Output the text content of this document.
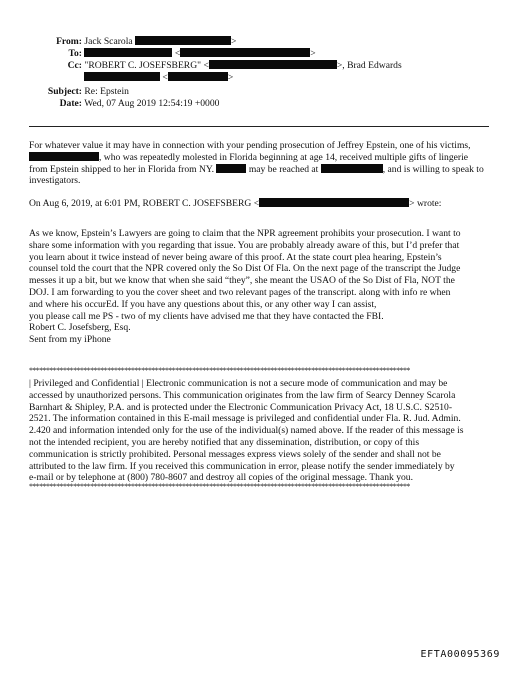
From: Jack Scarola	>
To:	<	>
Cc: "ROBERT C. JOSEFSBERG" <	>, Brad Edwards
<	>
Subject: Re: Epstein
Date: Wed, 07 Aug 2019 12:54:19 +0000

For whatever value it may have in connection with your pending prosecution of Jeffrey Epstein, one of his victims, , who was repeatedly molested in Florida beginning at age 14, received multiple gifts of lingerie from Epstein shipped to her in Florida from NY.	may be reached at	, and is willing to speak to investigators.

On Aug 6, 2019, at 6:01 PM, ROBERT C. JOSEFSBERG <	> wrote:

As we know, Epstein’s Lawyers are going to claim that the NPR agreement prohibits your prosecution. I want to

share some information with you regarding that issue. You are probably already aware of this, but I’d prefer that

you learn about it twice instead of never being aware of this proof. At the state court plea hearing, Epstein’s

counsel told the court that the NPR covered only the So Dist Of Fla. On the next page of the transcript the Judge

messes it up a bit, but we know that when she said “they”, she meant the USAO of the So Dist of Fla, NOT the

DOJ. I am forwarding to you the cover sheet and two relevant pages of the transcript. along with info re when

and where his occurEd. If you have any questions about this, or any other way I can assist,

you please call me PS - two of my clients have advised me that they have contacted the FBI.

Robert C. Josefsberg, Esq.

Sent from my iPhone

****************************************************************************************************************

| Privileged and Confidential | Electronic communication is not a secure mode of communication and may be

accessed by unauthorized persons. This communication originates from the law firm of Searcy Denney Scarola

Barnhart & Shipley, P.A. and is protected under the Electronic Communication Privacy Act, 18 U.S.C. S2510-

2521. The information contained in this E-mail message is privileged and confidential under Fla. R. Jud. Admin.

2.420 and information intended only for the use of the individual(s) named above. If the reader of this message is

not the intended recipient, you are hereby notified that any dissemination, distribution, or copy of this

communication is strictly prohibited. Personal messages express views solely of the sender and shall not be

attributed to the law firm. If you received this communication in error, please notify the sender immediately by

e-mail or by telephone at (800) 780-8607 and destroy all copies of the original message. Thank you.

****************************************************************************************************************
EFTA00095369
